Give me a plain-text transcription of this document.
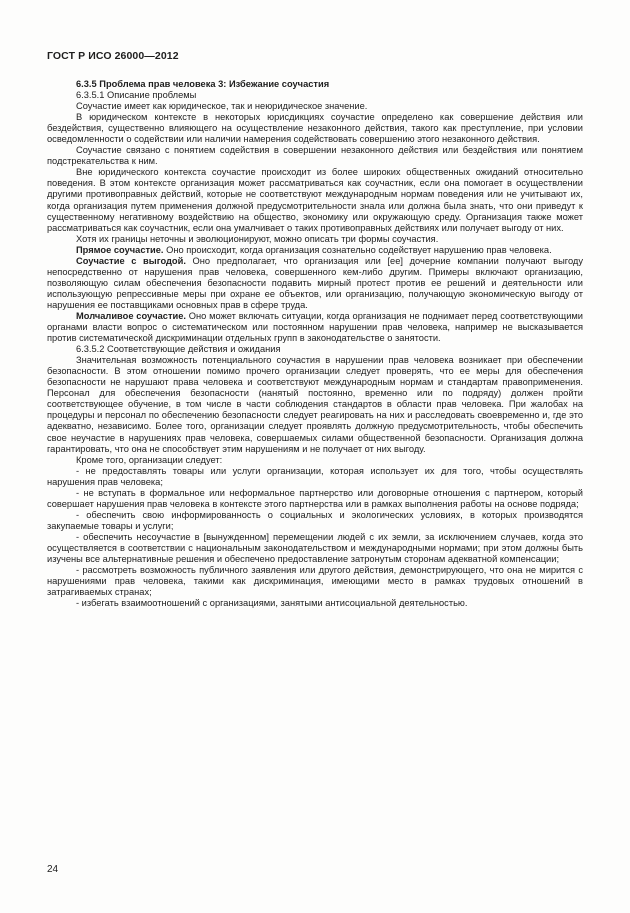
ГОСТ Р ИСО 26000—2012

6.3.5 Проблема прав человека 3: Избежание соучастия

6.3.5.1 Описание проблемы

Соучастие имеет как юридическое, так и неюридическое значение.

В юридическом контексте в некоторых юрисдикциях соучастие определено как совершение действия или бездействия, существенно влияющего на осуществление незаконного действия, такого как преступление, при условии осведомленности о содействии или наличии намерения содействовать совершению этого незаконного действия.

Соучастие связано с понятием содействия в совершении незаконного действия или бездействия или понятием подстрекательства к ним.

Вне юридического контекста соучастие происходит из более широких общественных ожиданий относительно поведения. В этом контексте организация может рассматриваться как соучастник, если она помогает в осуществлении другими противоправных действий, которые не соответствуют международным нормам поведения или не учитывают их, когда организация путем применения должной предусмотрительности знала или должна была знать, что они приведут к существенному негативному воздействию на общество, экономику или окружающую среду. Организация также может рассматриваться как соучастник, если она умалчивает о таких противоправных действиях или получает выгоду от них.

Хотя их границы неточны и эволюционируют, можно описать три формы соучастия.

Прямое соучастие. Оно происходит, когда организация сознательно содействует нарушению прав человека.

Соучастие с выгодой. Оно предполагает, что организация или [ее] дочерние компании получают выгоду непосредственно от нарушения прав человека, совершенного кем-либо другим. Примеры включают организацию, позволяющую силам обеспечения безопасности подавить мирный протест против ее решений и деятельности или использующую репрессивные меры при охране ее объектов, или организацию, получающую экономическую выгоду от нарушения ее поставщиками основных прав в сфере труда.

Молчаливое соучастие. Оно может включать ситуации, когда организация не поднимает перед соответствующими органами власти вопрос о систематическом или постоянном нарушении прав человека, например не высказывается против систематической дискриминации отдельных групп в законодательстве о занятости.

6.3.5.2 Соответствующие действия и ожидания

Значительная возможность потенциального соучастия в нарушении прав человека возникает при обеспечении безопасности. В этом отношении помимо прочего организации следует проверять, что ее меры для обеспечения безопасности не нарушают права человека и соответствуют международным нормам и стандартам правоприменения. Персонал для обеспечения безопасности (нанятый постоянно, временно или по подряду) должен пройти соответствующее обучение, в том числе в части соблюдения стандартов в области прав человека. При жалобах на процедуры и персонал по обеспечению безопасности следует реагировать на них и расследовать своевременно и, где это адекватно, независимо. Более того, организации следует проявлять должную предусмотрительность, чтобы обеспечить свое неучастие в нарушениях прав человека, совершаемых силами общественной безопасности. Организация должна гарантировать, что она не способствует этим нарушениям и не получает от них выгоду.

Кроме того, организации следует:

- не предоставлять товары или услуги организации, которая использует их для того, чтобы осуществлять нарушения прав человека;

- не вступать в формальное или неформальное партнерство или договорные отношения с партнером, который совершает нарушения прав человека в контексте этого партнерства или в рамках выполнения работы на основе подряда;

- обеспечить свою информированность о социальных и экологических условиях, в которых производятся закупаемые товары и услуги;

- обеспечить несоучастие в [вынужденном] перемещении людей с их земли, за исключением случаев, когда это осуществляется в соответствии с национальным законодательством и международными нормами; при этом должны быть изучены все альтернативные решения и обеспечено предоставление затронутым сторонам адекватной компенсации;

- рассмотреть возможность публичного заявления или другого действия, демонстрирующего, что она не мирится с нарушениями прав человека, такими как дискриминация, имеющими место в рамках трудовых отношений в затрагиваемых странах;

- избегать взаимоотношений с организациями, занятыми антисоциальной деятельностью.

24
